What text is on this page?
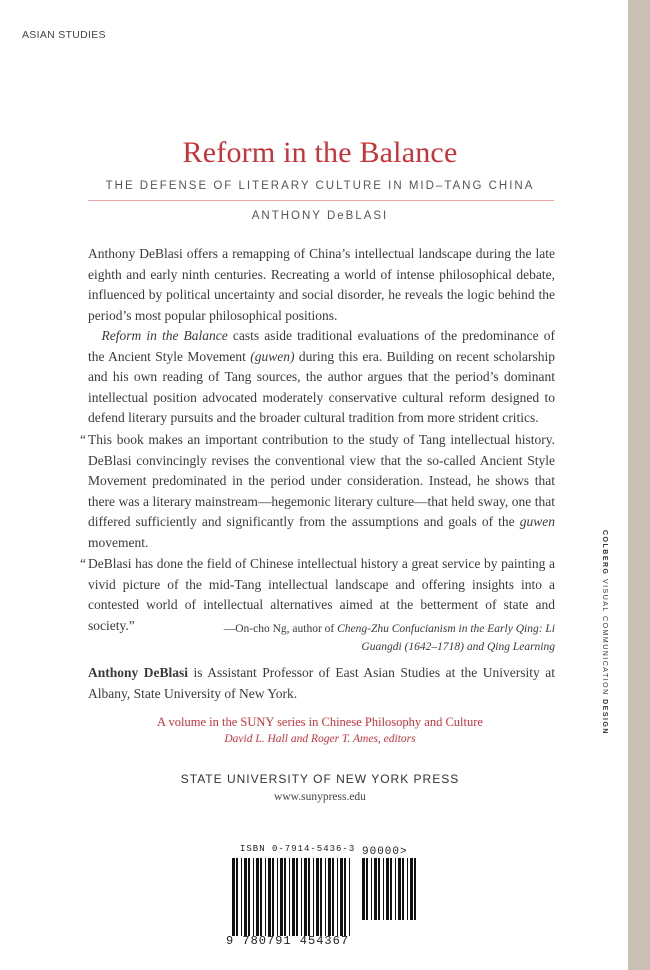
COLBERG VISUAL COMMUNICATION DESIGN
ASIAN STUDIES
Reform in the Balance
THE DEFENSE OF LITERARY CULTURE IN MID–TANG CHINA
ANTHONY DeBLASI

Anthony DeBlasi offers a remapping of China’s intellectual landscape during the late eighth and early ninth centuries. Recreating a world of intense philosophical debate, influenced by political uncertainty and social disorder, he reveals the logic behind the period’s most popular philosophical positions.

Reform in the Balance casts aside traditional evaluations of the predominance of the Ancient Style Movement (guwen) during this era. Building on recent scholarship and his own reading of Tang sources, the author argues that the period’s dominant intellectual position advocated moderately conservative cultural reform designed to defend literary pursuits and the broader cultural tradition from more strident critics.

“ This book makes an important contribution to the study of Tang intellectual history. DeBlasi convincingly revises the conventional view that the so-called Ancient Style Movement predominated in the period under consideration. Instead, he shows that there was a literary mainstream—hegemonic literary culture—that held sway, one that differed sufficiently and significantly from the assumptions and goals of the guwen movement.
“ DeBlasi has done the field of Chinese intellectual history a great service by painting a vivid picture of the mid-Tang intellectual landscape and offering insights into a contested world of intellectual alternatives aimed at the betterment of state and society.”	—On-cho Ng, author of Cheng-Zhu Confucianism in the Early Qing: Li Guangdi (1642–1718) and Qing Learning
Anthony DeBlasi is Assistant Professor of East Asian Studies at the University at Albany, State University of New York.
A volume in the SUNY series in Chinese Philosophy and Culture
David L. Hall and Roger T. Ames, editors
STATE UNIVERSITY OF NEW YORK PRESS
www.sunypress.edu
ISBN 0-7914-5436-3 90000>
9 780791 454367
